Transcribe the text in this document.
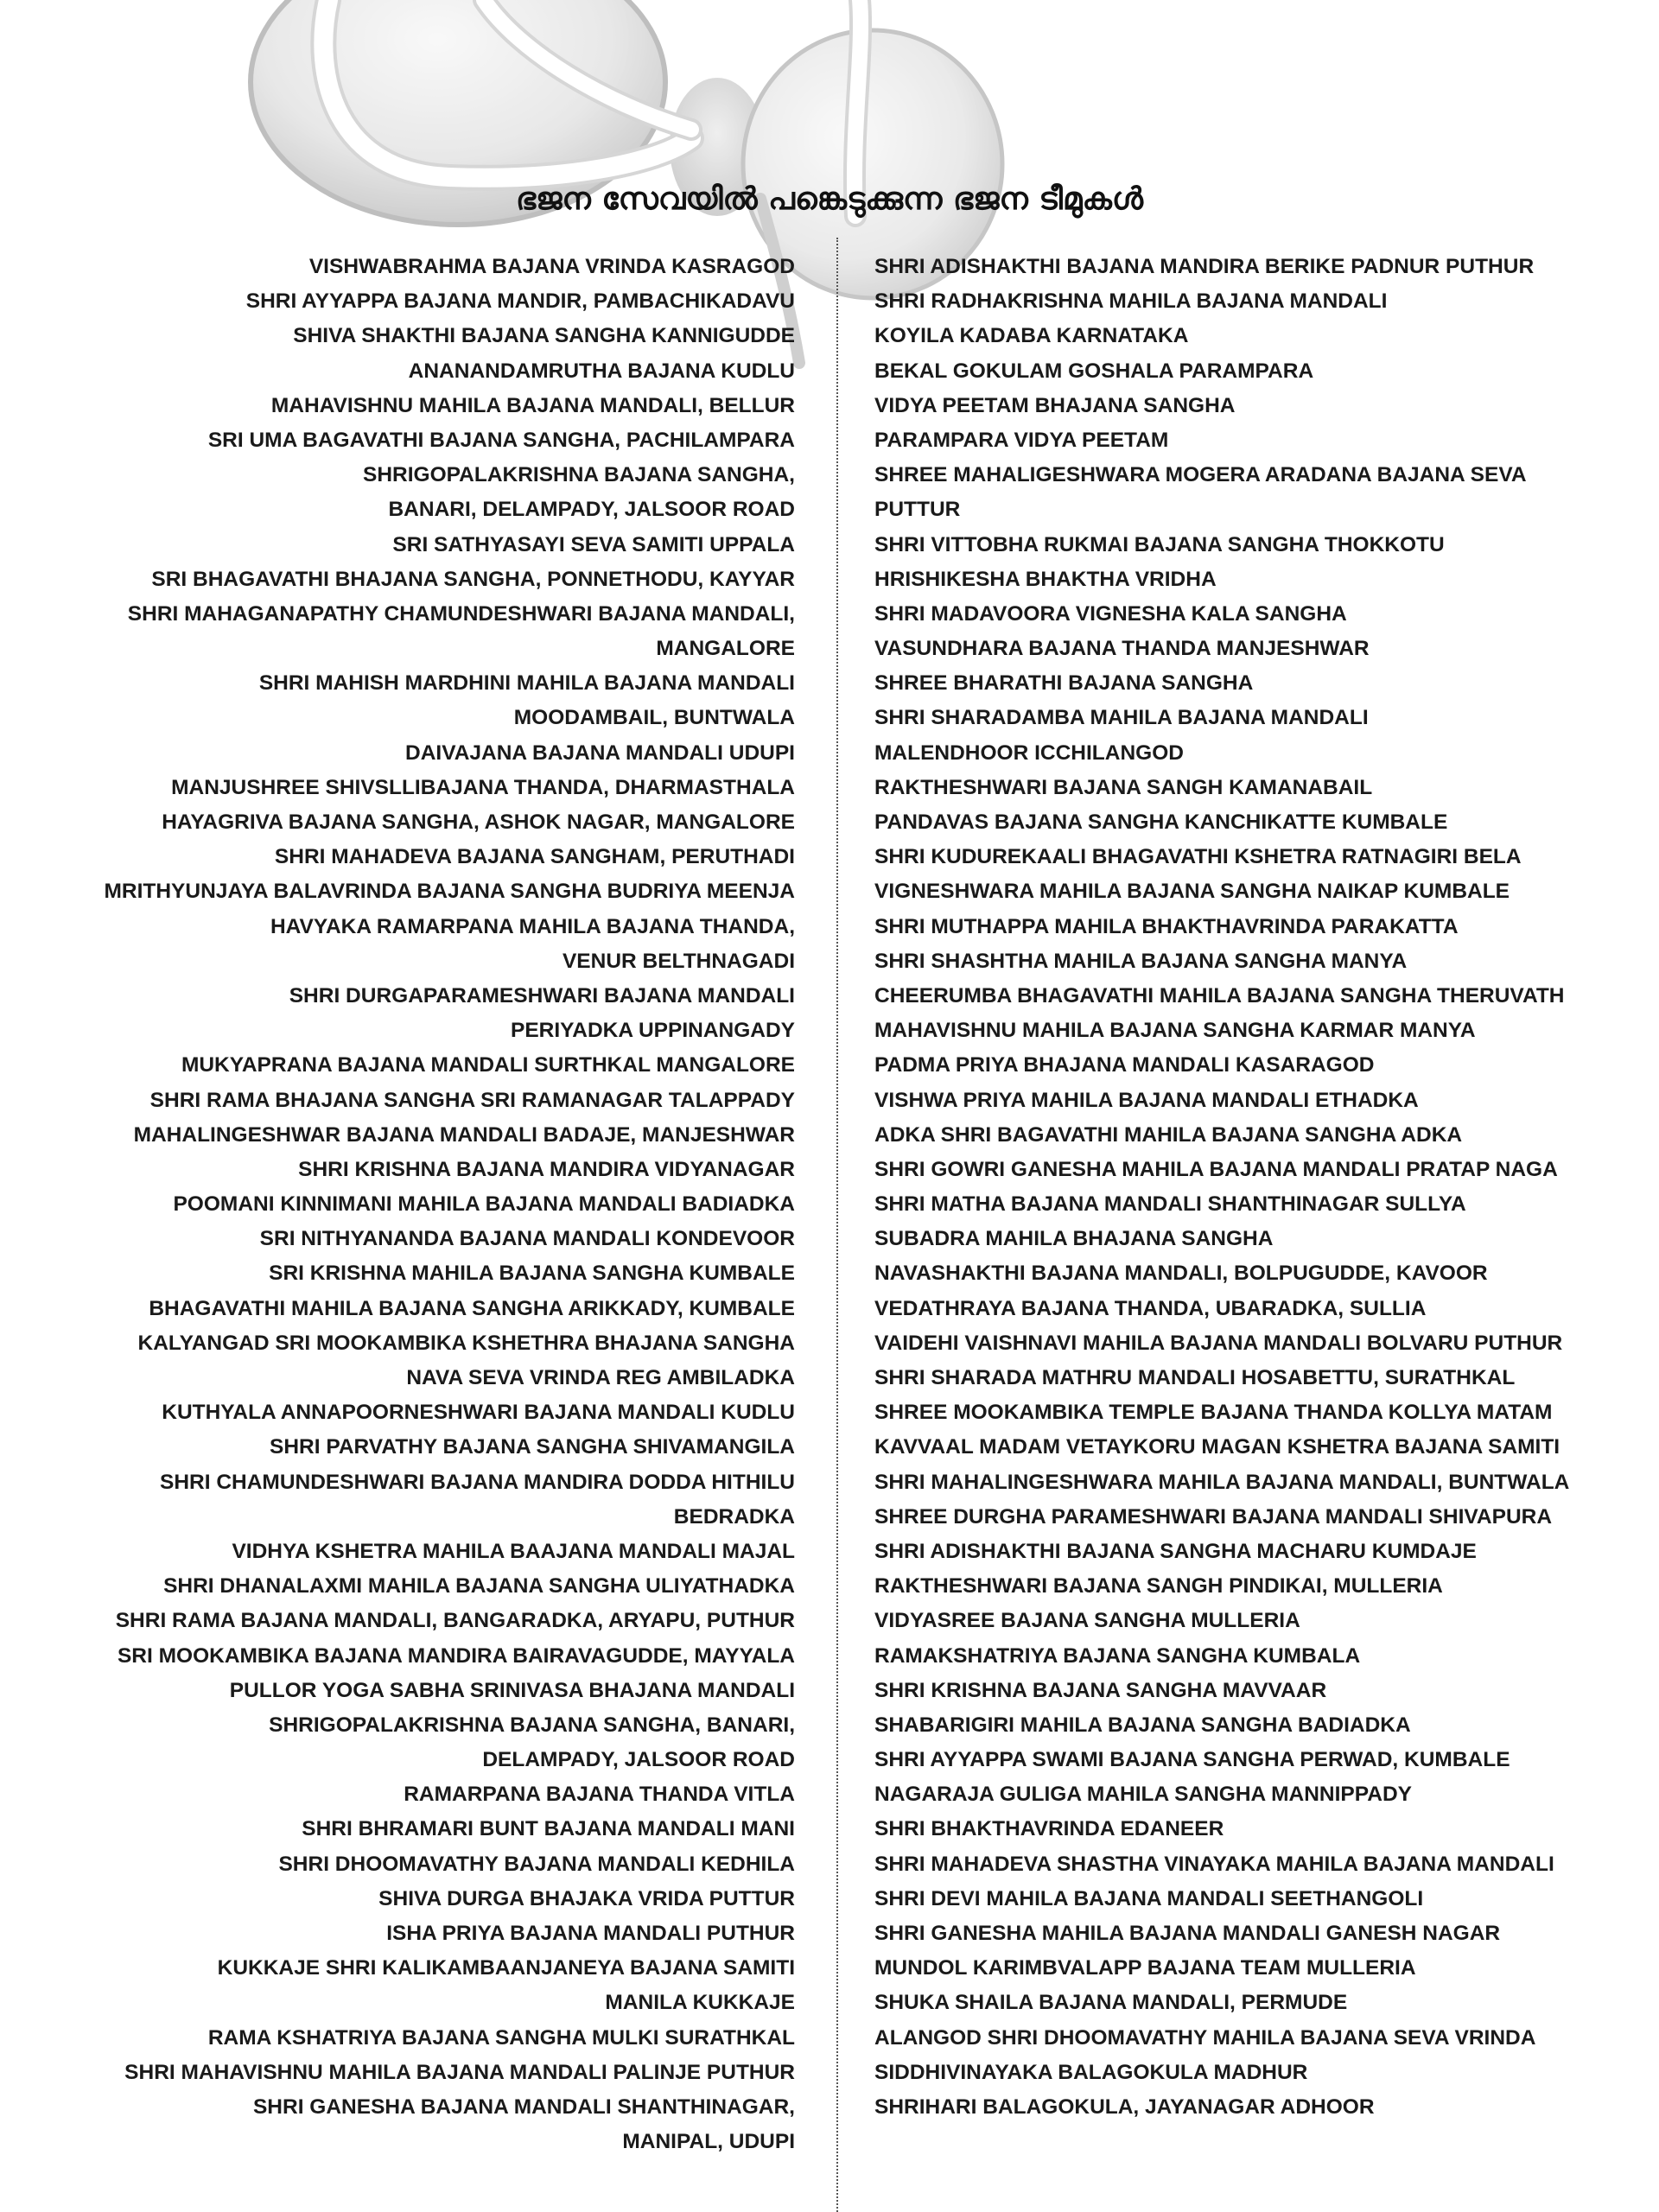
ഭജന സേവയിൽ പങ്കെടുക്കുന്ന ഭജന ടീമുകൾ
VISHWABRAHMA BAJANA VRINDA KASRAGOD
SHRI AYYAPPA BAJANA MANDIR, PAMBACHIKADAVU
SHIVA SHAKTHI BAJANA SANGHA KANNIGUDDE
ANANANDAMRUTHA BAJANA KUDLU
MAHAVISHNU MAHILA BAJANA MANDALI, BELLUR
SRI UMA BAGAVATHI BAJANA SANGHA, PACHILAMPARA
SHRIGOPALAKRISHNA BAJANA SANGHA,
BANARI, DELAMPADY, JALSOOR ROAD
SRI SATHYASAYI SEVA SAMITI UPPALA
SRI BHAGAVATHI BHAJANA SANGHA, PONNETHODU, KAYYAR
SHRI MAHAGANAPATHY CHAMUNDESHWARI BAJANA MANDALI,
MANGALORE
SHRI MAHISH MARDHINI MAHILA BAJANA MANDALI
MOODAMBAIL, BUNTWALA
DAIVAJANA BAJANA MANDALI UDUPI
MANJUSHREE SHIVSLLIBAJANA THANDA, DHARMASTHALA
HAYAGRIVA BAJANA SANGHA, ASHOK NAGAR, MANGALORE
SHRI MAHADEVA BAJANA SANGHAM, PERUTHADI
MRITHYUNJAYA BALAVRINDA BAJANA SANGHA BUDRIYA MEENJA
HAVYAKA RAMARPANA MAHILA BAJANA THANDA,
VENUR BELTHNAGADI
SHRI DURGAPARAMESHWARI BAJANA MANDALI
PERIYADKA UPPINANGADY
MUKYAPRANA BAJANA MANDALI SURTHKAL MANGALORE
SHRI RAMA BHAJANA SANGHA SRI RAMANAGAR TALAPPADY
MAHALINGESHWAR BAJANA MANDALI BADAJE, MANJESHWAR
SHRI KRISHNA BAJANA MANDIRA VIDYANAGAR
POOMANI KINNIMANI MAHILA BAJANA MANDALI BADIADKA
SRI NITHYANANDA BAJANA MANDALI KONDEVOOR
SRI KRISHNA MAHILA BAJANA SANGHA KUMBALE
BHAGAVATHI MAHILA BAJANA SANGHA ARIKKADY, KUMBALE
KALYANGAD SRI MOOKAMBIKA KSHETHRA BHAJANA SANGHA
NAVA SEVA VRINDA REG AMBILADKA
KUTHYALA ANNAPOORNESHWARI BAJANA MANDALI KUDLU
SHRI PARVATHY BAJANA SANGHA SHIVAMANGILA
SHRI CHAMUNDESHWARI BAJANA MANDIRA DODDA HITHILU
BEDRADKA
VIDHYA KSHETRA MAHILA BAAJANA MANDALI MAJAL
SHRI DHANALAXMI MAHILA BAJANA SANGHA ULIYATHADKA
SHRI RAMA BAJANA MANDALI, BANGARADKA, ARYAPU, PUTHUR
SRI MOOKAMBIKA BAJANA MANDIRA BAIRAVAGUDDE, MAYYALA
PULLOR YOGA SABHA SRINIVASA BHAJANA MANDALI
SHRIGOPALAKRISHNA BAJANA SANGHA, BANARI,
DELAMPADY, JALSOOR ROAD
RAMARPANA BAJANA THANDA VITLA
SHRI BHRAMARI BUNT BAJANA MANDALI MANI
SHRI DHOOMAVATHY BAJANA MANDALI KEDHILA
SHIVA DURGA BHAJAKA VRIDA PUTTUR
ISHA PRIYA BAJANA MANDALI PUTHUR
KUKKAJE SHRI KALIKAMBAANJANEYA BAJANA SAMITI
MANILA KUKKAJE
RAMA KSHATRIYA BAJANA SANGHA MULKI SURATHKAL
SHRI MAHAVISHNU MAHILA BAJANA MANDALI PALINJE PUTHUR
SHRI GANESHA BAJANA MANDALI SHANTHINAGAR,
MANIPAL, UDUPI
SHRI ADISHAKTHI BAJANA MANDIRA BERIKE PADNUR PUTHUR
SHRI RADHAKRISHNA MAHILA BAJANA MANDALI
KOYILA KADABA KARNATAKA
BEKAL GOKULAM GOSHALA PARAMPARA
VIDYA PEETAM BHAJANA SANGHA
PARAMPARA VIDYA PEETAM
SHREE MAHALIGESHWARA MOGERA ARADANA BAJANA SEVA
PUTTUR
SHRI VITTOBHA RUKMAI BAJANA SANGHA THOKKOTU
HRISHIKESHA BHAKTHA VRIDHA
SHRI MADAVOORA VIGNESHA KALA SANGHA
VASUNDHARA BAJANA THANDA MANJESHWAR
SHREE BHARATHI BAJANA SANGHA
SHRI SHARADAMBA MAHILA BAJANA MANDALI
MALENDHOOR ICCHILANGOD
RAKTHESHWARI BAJANA SANGH KAMANABAIL
PANDAVAS BAJANA SANGHA KANCHIKATTE KUMBALE
SHRI KUDUREKAALI BHAGAVATHI KSHETRA RATNAGIRI BELA
VIGNESHWARA MAHILA BAJANA SANGHA NAIKAP KUMBALE
SHRI MUTHAPPA MAHILA BHAKTHAVRINDA PARAKATTA
SHRI SHASHTHA MAHILA BAJANA SANGHA MANYA
CHEERUMBA BHAGAVATHI MAHILA BAJANA SANGHA THERUVATH
MAHAVISHNU MAHILA BAJANA SANGHA KARMAR MANYA
PADMA PRIYA BHAJANA MANDALI KASARAGOD
VISHWA PRIYA MAHILA BAJANA MANDALI ETHADKA
ADKA SHRI BAGAVATHI MAHILA BAJANA SANGHA ADKA
SHRI GOWRI GANESHA MAHILA BAJANA MANDALI PRATAP NAGA
SHRI MATHA BAJANA MANDALI SHANTHINAGAR SULLYA
SUBADRA MAHILA BHAJANA SANGHA
NAVASHAKTHI BAJANA MANDALI, BOLPUGUDDE, KAVOOR
VEDATHRAYA BAJANA THANDA, UBARADKA, SULLIA
VAIDEHI VAISHNAVI MAHILA BAJANA MANDALI BOLVARU PUTHUR
SHRI SHARADA MATHRU MANDALI HOSABETTU, SURATHKAL
SHREE MOOKAMBIKA TEMPLE BAJANA THANDA KOLLYA MATAM
KAVVAAL MADAM VETAYKORU MAGAN KSHETRA BAJANA SAMITI
SHRI MAHALINGESHWARA MAHILA BAJANA MANDALI, BUNTWALA
SHREE DURGHA PARAMESHWARI BAJANA MANDALI SHIVAPURA
SHRI ADISHAKTHI BAJANA SANGHA MACHARU KUMDAJE
RAKTHESHWARI BAJANA SANGH PINDIKAI, MULLERIA
VIDYASREE BAJANA SANGHA MULLERIA
RAMAKSHATRIYA BAJANA SANGHA KUMBALA
SHRI KRISHNA BAJANA SANGHA MAVVAAR
SHABARIGIRI MAHILA BAJANA SANGHA BADIADKA
SHRI AYYAPPA SWAMI BAJANA SANGHA PERWAD, KUMBALE
NAGARAJA GULIGA MAHILA SANGHA MANNIPPADY
SHRI BHAKTHAVRINDA EDANEER
SHRI MAHADEVA SHASTHA VINAYAKA MAHILA BAJANA MANDALI
SHRI DEVI MAHILA BAJANA MANDALI SEETHANGOLI
SHRI GANESHA MAHILA BAJANA MANDALI GANESH NAGAR
MUNDOL KARIMBVALAPP BAJANA TEAM MULLERIA
SHUKA SHAILA BAJANA MANDALI, PERMUDE
ALANGOD SHRI DHOOMAVATHY MAHILA BAJANA SEVA VRINDA
SIDDHIVINAYAKA BALAGOKULA MADHUR
SHRIHARI BALAGOKULA, JAYANAGAR ADHOOR
